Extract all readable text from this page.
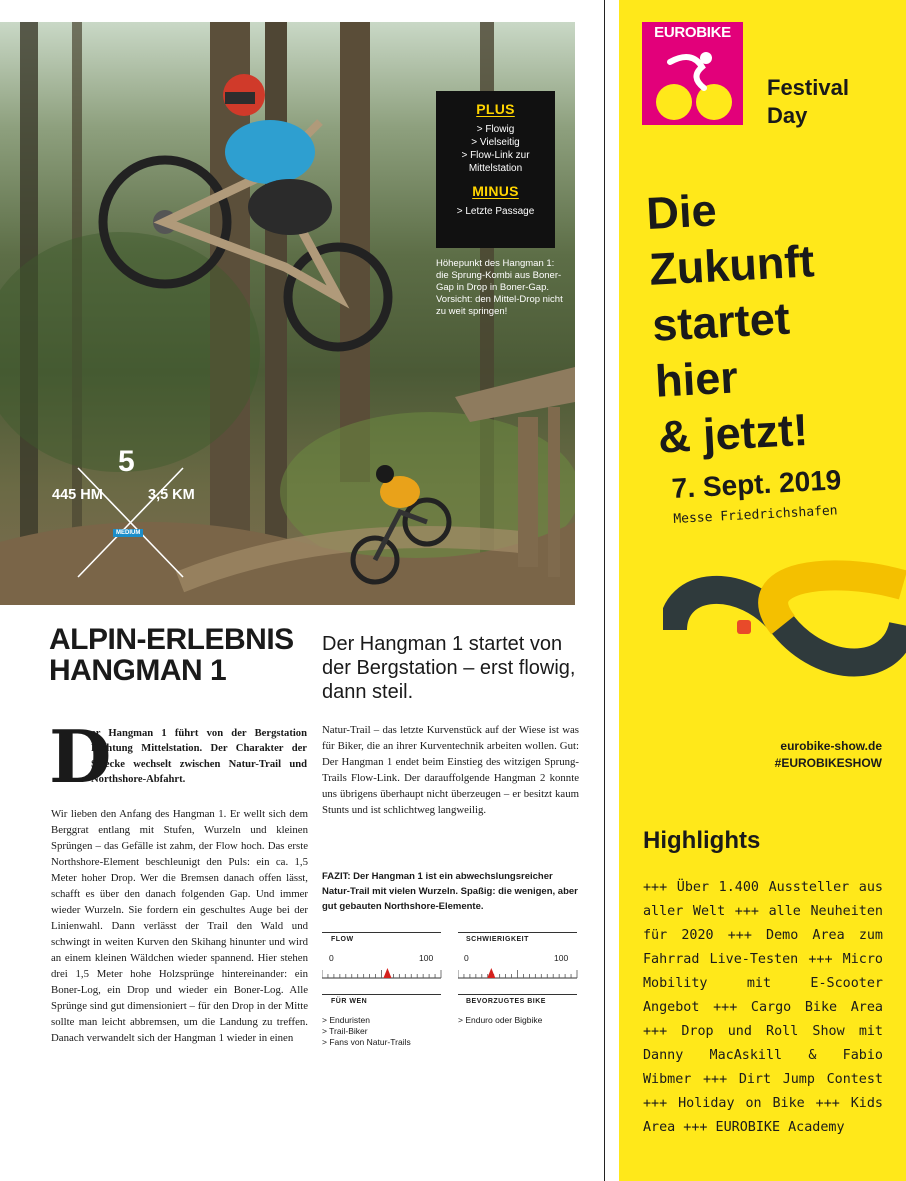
PLUS
> Flowig
> Vielseitig
> Flow-Link zur
Mittelstation
MINUS
> Letzte Passage
Höhepunkt des Hangman 1: die Sprung-Kombi aus Boner-Gap in Drop in Boner-Gap. Vorsicht: den Mittel-Drop nicht zu weit springen!
5
445 HM	3,5 KM
MEDIUM
ALPIN-ERLEBNIS
HANGMAN 1
Der Hangman 1 startet von der Bergstation – erst flowig, dann steil.
D
er Hangman 1 führt von der Bergstation Richtung Mittelstation. Der Charakter der Strecke wechselt zwischen Natur-Trail und Northshore-Abfahrt.
Wir lieben den Anfang des Hangman 1. Er wellt sich dem Berggrat entlang mit Stufen, Wurzeln und kleinen Sprüngen – das Gefälle ist zahm, der Flow hoch. Das erste Northshore-Element beschleunigt den Puls: ein ca. 1,5 Meter hoher Drop. Wer die Bremsen danach offen lässt, schafft es über den danach folgenden Gap. Und immer wieder Wurzeln. Sie fordern ein geschultes Auge bei der Linienwahl. Dann verlässt der Trail den Wald und schwingt in weiten Kurven den Skihang hinunter und wird an einem kleinen Wäldchen wieder spannend. Hier stehen drei 1,5 Meter hohe Holzsprünge hintereinander: ein Boner-Log, ein Drop und wieder ein Boner-Log. Alle Sprünge sind gut dimensioniert – für den Drop in der Mitte sollte man leicht abbremsen, um die Landung zu treffen. Danach verwandelt sich der Hangman 1 wieder in einen
Natur-Trail – das letzte Kurvenstück auf der Wiese ist was für Biker, die an ihrer Kurventechnik arbeiten wollen. Gut: Der Hangman 1 endet beim Einstieg des witzigen Sprung-Trails Flow-Link. Der darauffolgende Hangman 2 konnte uns übrigens überhaupt nicht überzeugen – er besitzt kaum Stunts und ist schlichtweg langweilig.
FAZIT: Der Hangman 1 ist ein abwechslungsreicher Natur-Trail mit vielen Wurzeln. Spaßig: die wenigen, aber gut gebauten Northshore-Elemente.
FLOW
0	100
SCHWIERIGKEIT
0	100
FÜR WEN
> Enduristen
> Trail-Biker
> Fans von Natur-Trails
BEVORZUGTES BIKE
> Enduro oder Bigbike
EUROBIKE
Festival
Day
Die
Zukunft
startet
hier
& jetzt!
7. Sept. 2019
Messe Friedrichshafen
eurobike-show.de
#EUROBIKESHOW
Highlights
+++ Über 1.400 Aussteller aus aller Welt +++ alle Neuheiten für 2020 +++ Demo Area zum Fahrrad Live-Testen +++ Micro Mobility mit E-Scooter Angebot +++ Cargo Bike Area +++ Drop und Roll Show mit Danny MacAskill & Fabio Wibmer +++ Dirt Jump Contest +++ Holiday on Bike +++ Kids Area +++ EUROBIKE Academy
